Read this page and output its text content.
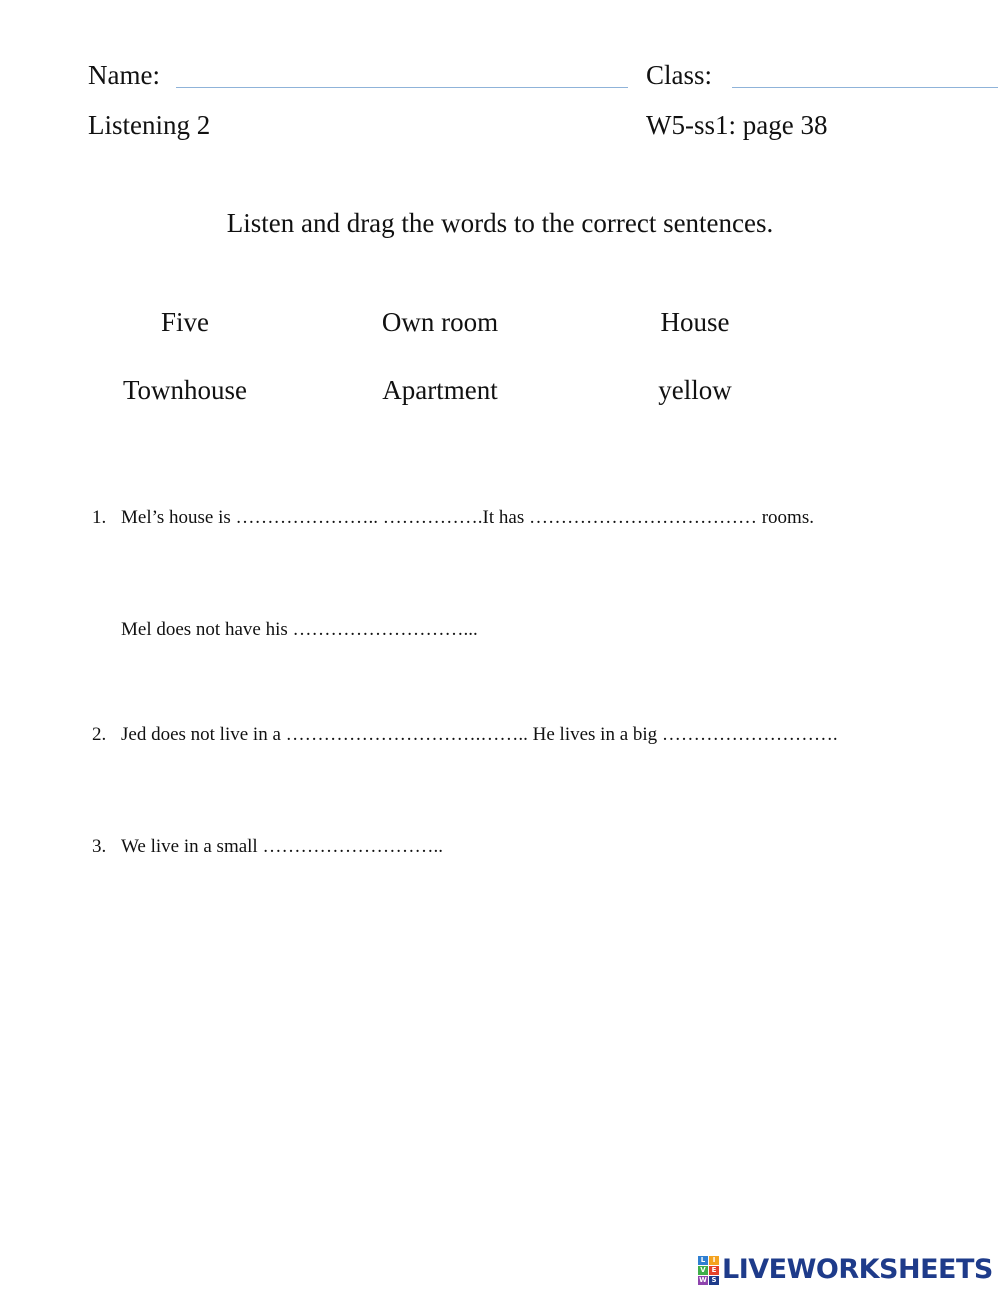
Name:	Class:
Listening 2	W5-ss1: page 38
Listen and drag the words to the correct sentences.
Five	Own room	House
Townhouse	Apartment	yellow
1. Mel’s house is ………………….. …………….It has ……………………………… rooms.
Mel does not have his ………………………...
2. Jed does not live in a ………………………….…….. He lives in a big ……………………….
3. We live in a small ………………………..
L	I
V E
W S LIVEWORKSHEETS
